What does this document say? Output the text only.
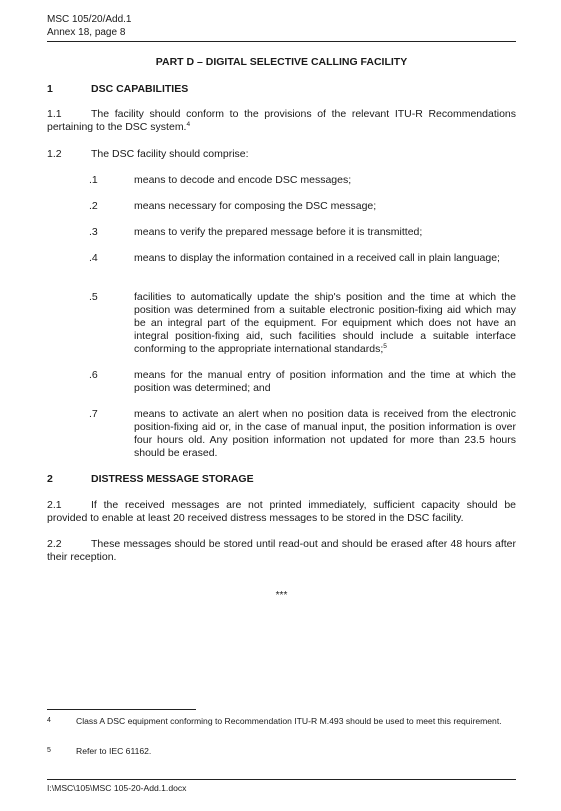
MSC 105/20/Add.1
Annex 18, page 8
PART D – DIGITAL SELECTIVE CALLING FACILITY
1	DSC CAPABILITIES
1.1	The facility should conform to the provisions of the relevant ITU-R Recommendations pertaining to the DSC system.$^4$
1.2	The DSC facility should comprise:
.1	means to decode and encode DSC messages;
.2	means necessary for composing the DSC message;
.3	means to verify the prepared message before it is transmitted;
.4	means to display the information contained in a received call in plain language;
.5	facilities to automatically update the ship's position and the time at which the position was determined from a suitable electronic position-fixing aid which may be an integral part of the equipment. For equipment which does not have an integral position-fixing aid, such facilities should include a suitable interface conforming to the appropriate international standards;$^5$
.6	means for the manual entry of position information and the time at which the position was determined; and
.7	means to activate an alert when no position data is received from the electronic position-fixing aid or, in the case of manual input, the position information is over four hours old. Any position information not updated for more than 23.5 hours should be erased.
2	DISTRESS MESSAGE STORAGE
2.1	If the received messages are not printed immediately, sufficient capacity should be provided to enable at least 20 received distress messages to be stored in the DSC facility.
2.2	These messages should be stored until read-out and should be erased after 48 hours after their reception.
***
4	Class A DSC equipment conforming to Recommendation ITU-R M.493 should be used to meet this requirement.
5	Refer to IEC 61162.
I:\MSC\105\MSC 105-20-Add.1.docx
